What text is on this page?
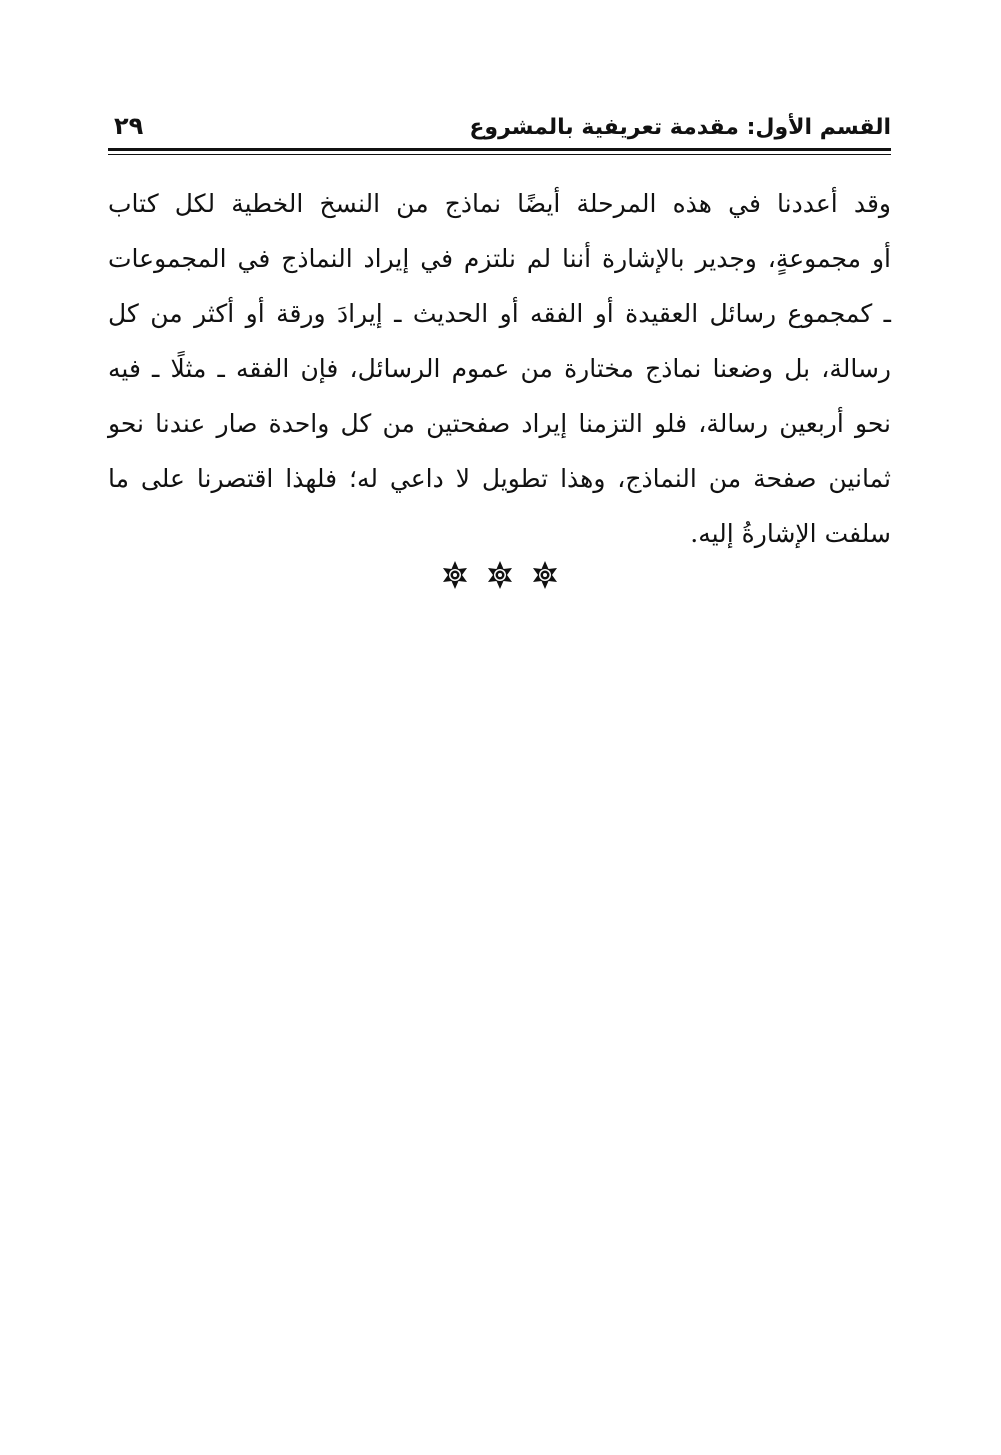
القسم الأول: مقدمة تعريفية بالمشروع
٢٩
وقد أعددنا في هذه المرحلة أيضًا نماذج من النسخ الخطية لكل كتاب
أو مجموعةٍ، وجدير بالإشارة أننا لم نلتزم في إيراد النماذج في المجموعات
ـ كمجموع رسائل العقيدة أو الفقه أو الحديث ـ إيرادَ ورقة أو أكثر من كل
رسالة، بل وضعنا نماذج مختارة من عموم الرسائل، فإن الفقه ـ مثلًا ـ فيه
نحو أربعين رسالة، فلو التزمنا إيراد صفحتين من كل واحدة صار عندنا نحو
ثمانين صفحة من النماذج، وهذا تطويل لا داعي له؛ فلهذا اقتصرنا على ما
سلفت الإشارةُ إليه.
